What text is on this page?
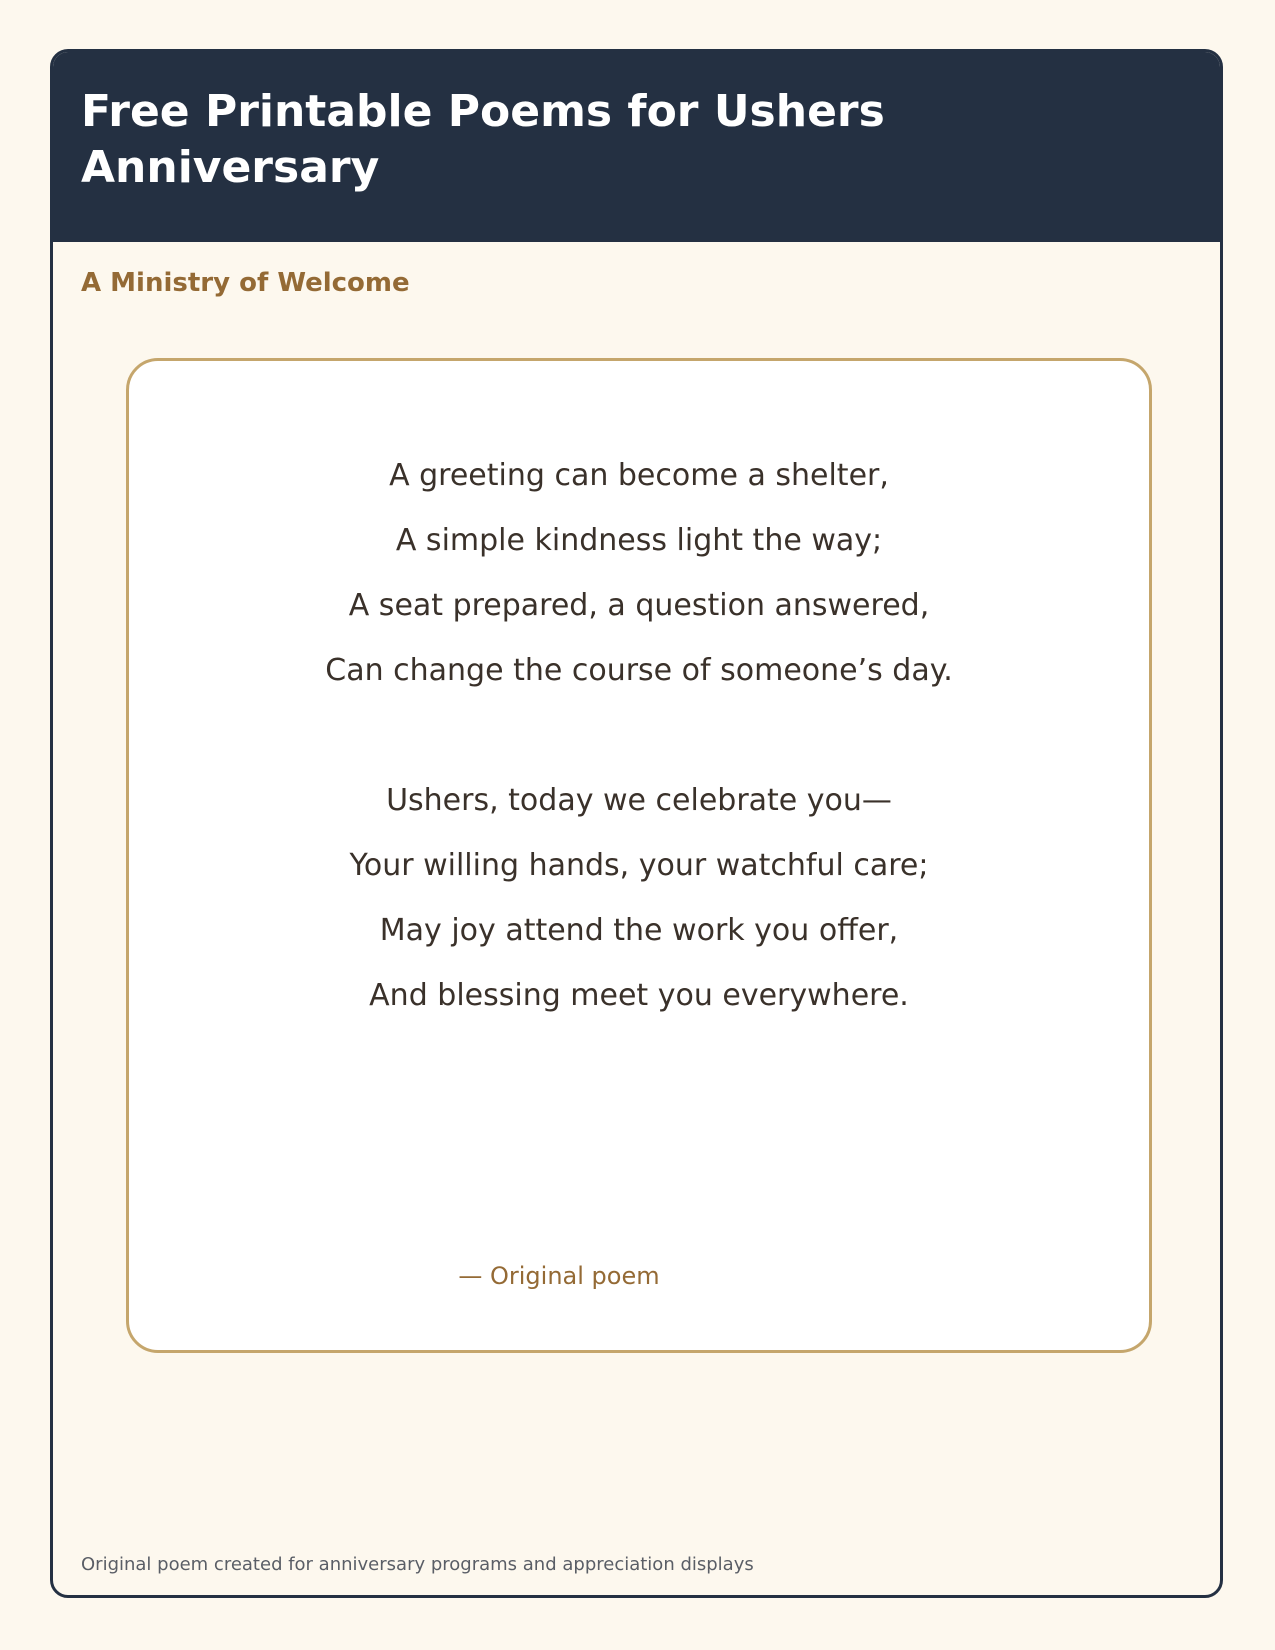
Free Printable Poems for Ushers Anniversary
A Ministry of Welcome
A greeting can become a shelter,
A simple kindness light the way;
A seat prepared, a question answered,
Can change the course of someone’s day.
Ushers, today we celebrate you—
Your willing hands, your watchful care;
May joy attend the work you offer,
And blessing meet you everywhere.
— Original poem
Original poem created for anniversary programs and appreciation displays
